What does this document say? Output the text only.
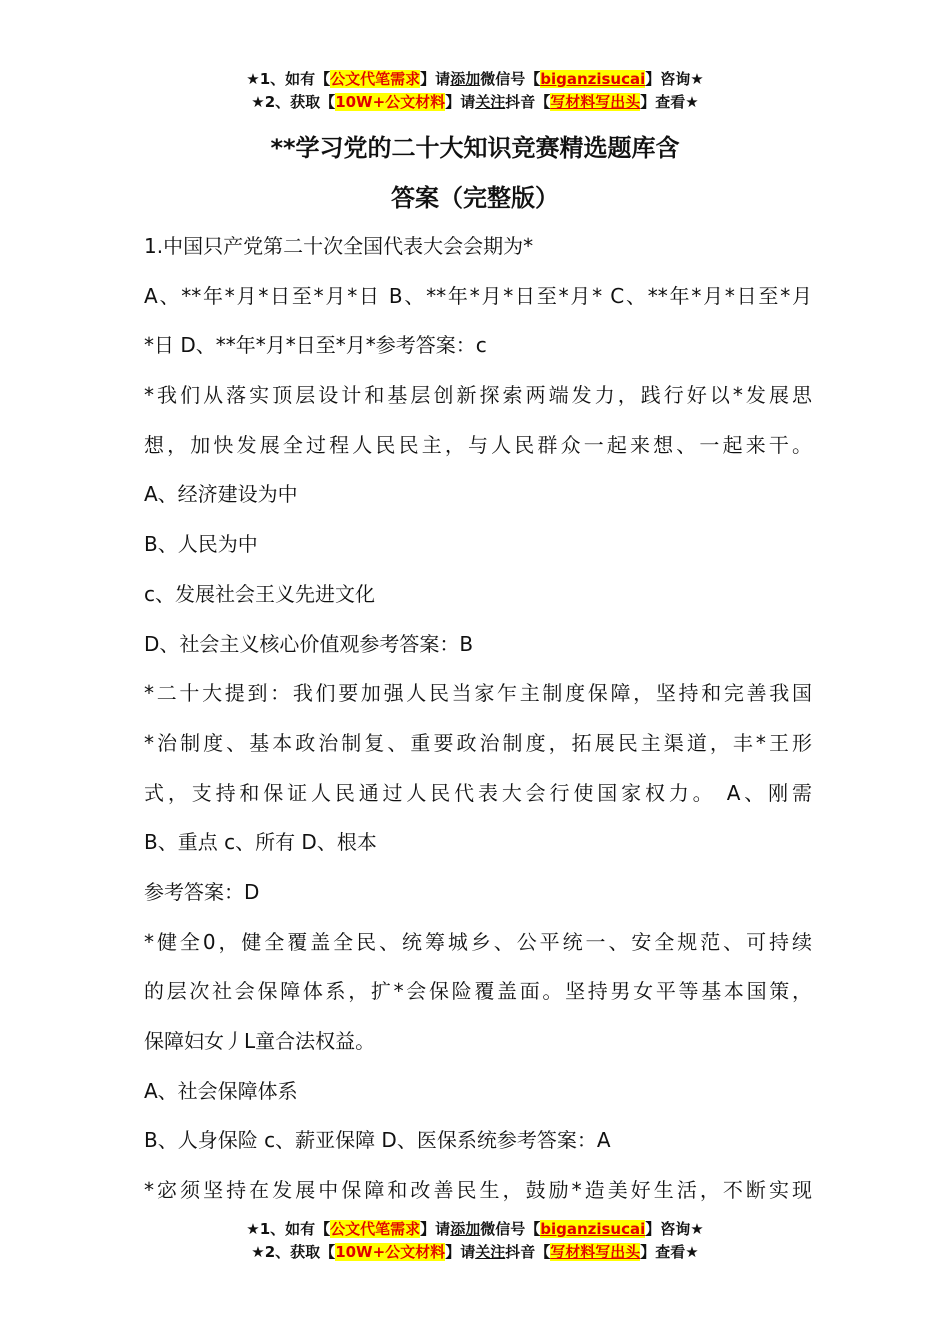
★1、如有【公文代笔需求】请添加微信号【biganzisucai】咨询★
★2、获取【10W+公文材料】请关注抖音【写材料写出头】查看★
**学习党的二十大知识竞赛精选题库含
答案（完整版）
1.中国只产党第二十次全国代表大会会期为*
A、**年*月*日至*月*日 B、**年*月*日至*月* C、**年*月*日至*月
*日 D、**年*月*日至*月*参考答案：c
*我们从落实顶层设计和基层创新探索两端发力，践行好以*发展思
想，加快发展全过程人民民主，与人民群众一起来想、一起来干。
A、经济建设为中
B、人民为中
c、发展社会王义先进文化
D、社会主义核心价值观参考答案：B
*二十大提到：我们要加强人民当家乍主制度保障，坚持和完善我国
*治制度、基本政治制复、重要政治制度，拓展民主渠道，丰*王形
式，支持和保证人民通过人民代表大会行使国家权力。 A、刚需
B、重点 c、所有 D、根本
参考答案：D
*健全0，健全覆盖全民、统筹城乡、公平统一、安全规范、可持续
的层次社会保障体系，扩*会保险覆盖面。坚持男女平等基本国策，
保障妇女丿L童合法权益。
A、社会保障体系
B、人身保险 c、薪亚保障 D、医保系统参考答案：A
*宓须坚持在发展中保障和改善民生，鼓励*造美好生活，不断实现
★1、如有【公文代笔需求】请添加微信号【biganzisucai】咨询★
★2、获取【10W+公文材料】请关注抖音【写材料写出头】查看★
